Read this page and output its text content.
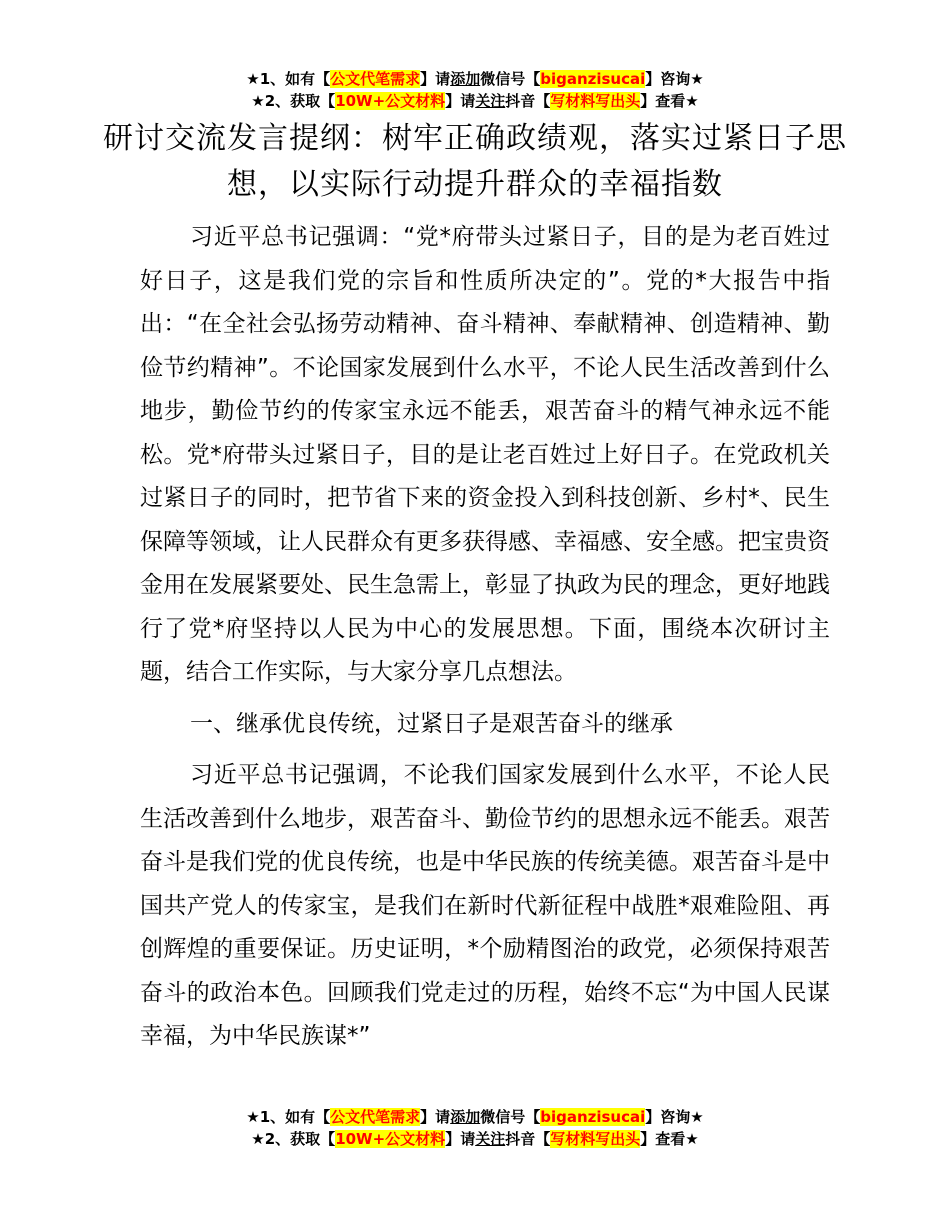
★1、如有【公文代笔需求】请添加微信号【biganzisucai】咨询★
★2、获取【10W+公文材料】请关注抖音【写材料写出头】查看★
研讨交流发言提纲：树牢正确政绩观，落实过紧日子思想，以实际行动提升群众的幸福指数

习近平总书记强调：“党*府带头过紧日子，目的是为老百姓过好日子，这是我们党的宗旨和性质所决定的”。党的*大报告中指出：“在全社会弘扬劳动精神、奋斗精神、奉献精神、创造精神、勤俭节约精神”。不论国家发展到什么水平，不论人民生活改善到什么地步，勤俭节约的传家宝永远不能丢，艰苦奋斗的精气神永远不能松。党*府带头过紧日子，目的是让老百姓过上好日子。在党政机关过紧日子的同时，把节省下来的资金投入到科技创新、乡村*、民生保障等领域，让人民群众有更多获得感、幸福感、安全感。把宝贵资金用在发展紧要处、民生急需上，彰显了执政为民的理念，更好地践行了党*府坚持以人民为中心的发展思想。下面，围绕本次研讨主题，结合工作实际，与大家分享几点想法。

一、继承优良传统，过紧日子是艰苦奋斗的继承

习近平总书记强调，不论我们国家发展到什么水平，不论人民生活改善到什么地步，艰苦奋斗、勤俭节约的思想永远不能丢。艰苦奋斗是我们党的优良传统，也是中华民族的传统美德。艰苦奋斗是中国共产党人的传家宝，是我们在新时代新征程中战胜*艰难险阻、再创辉煌的重要保证。历史证明，*个励精图治的政党，必须保持艰苦奋斗的政治本色。回顾我们党走过的历程，始终不忘“为中国人民谋幸福，为中华民族谋*”

★1、如有【公文代笔需求】请添加微信号【biganzisucai】咨询★
★2、获取【10W+公文材料】请关注抖音【写材料写出头】查看★
